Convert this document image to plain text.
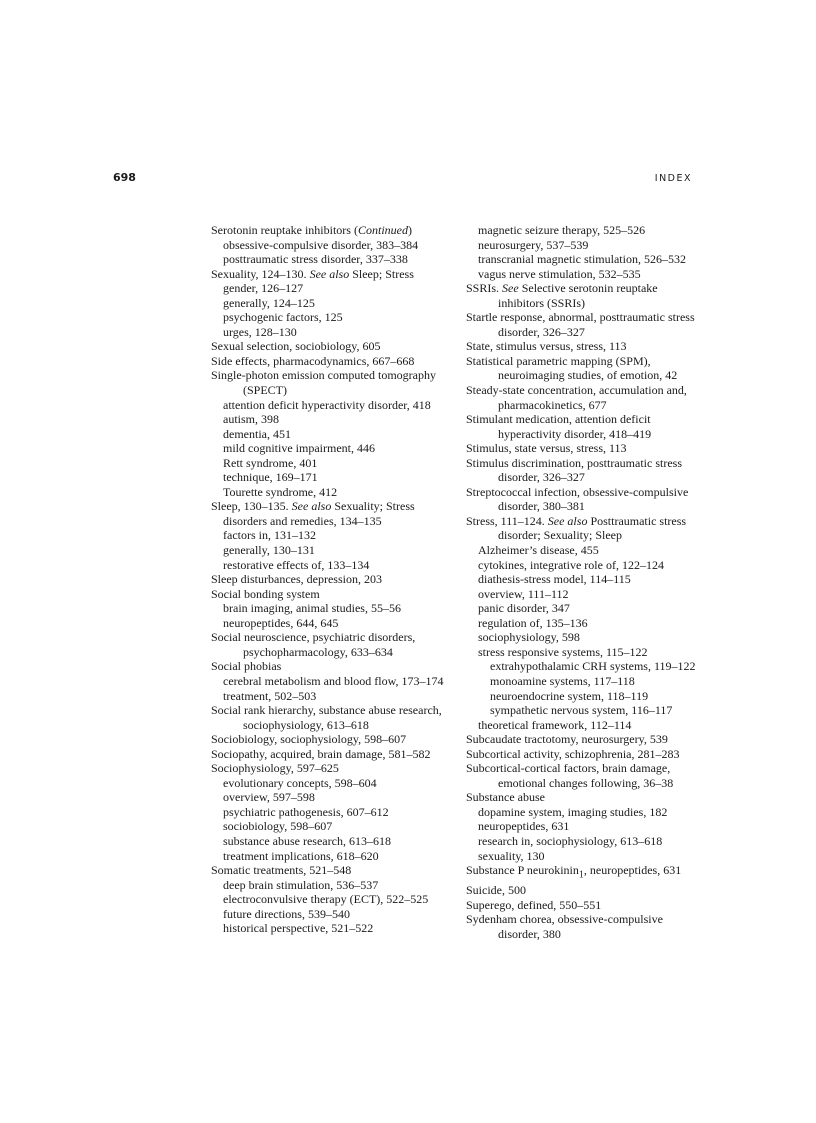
698	INDEX

Serotonin reuptake inhibitors (Continued)

obsessive-compulsive disorder, 383–384

posttraumatic stress disorder, 337–338

Sexuality, 124–130. See also Sleep; Stress

gender, 126–127

generally, 124–125

psychogenic factors, 125

urges, 128–130

Sexual selection, sociobiology, 605

Side effects, pharmacodynamics, 667–668

Single-photon emission computed tomography (SPECT)

attention deficit hyperactivity disorder, 418

autism, 398

dementia, 451

mild cognitive impairment, 446

Rett syndrome, 401

technique, 169–171

Tourette syndrome, 412

Sleep, 130–135. See also Sexuality; Stress

disorders and remedies, 134–135

factors in, 131–132

generally, 130–131

restorative effects of, 133–134

Sleep disturbances, depression, 203

Social bonding system

brain imaging, animal studies, 55–56

neuropeptides, 644, 645

Social neuroscience, psychiatric disorders, psychopharmacology, 633–634

Social phobias

cerebral metabolism and blood flow, 173–174

treatment, 502–503

Social rank hierarchy, substance abuse research, sociophysiology, 613–618

Sociobiology, sociophysiology, 598–607

Sociopathy, acquired, brain damage, 581–582

Sociophysiology, 597–625

evolutionary concepts, 598–604

overview, 597–598

psychiatric pathogenesis, 607–612

sociobiology, 598–607

substance abuse research, 613–618

treatment implications, 618–620

Somatic treatments, 521–548

deep brain stimulation, 536–537

electroconvulsive therapy (ECT), 522–525

future directions, 539–540

historical perspective, 521–522

magnetic seizure therapy, 525–526

neurosurgery, 537–539

transcranial magnetic stimulation, 526–532

vagus nerve stimulation, 532–535

SSRIs. See Selective serotonin reuptake inhibitors (SSRIs)

Startle response, abnormal, posttraumatic stress disorder, 326–327

State, stimulus versus, stress, 113

Statistical parametric mapping (SPM), neuroimaging studies, of emotion, 42

Steady-state concentration, accumulation and, pharmacokinetics, 677

Stimulant medication, attention deficit hyperactivity disorder, 418–419

Stimulus, state versus, stress, 113

Stimulus discrimination, posttraumatic stress disorder, 326–327

Streptococcal infection, obsessive-compulsive disorder, 380–381

Stress, 111–124. See also Posttraumatic stress disorder; Sexuality; Sleep

Alzheimer’s disease, 455

cytokines, integrative role of, 122–124

diathesis-stress model, 114–115

overview, 111–112

panic disorder, 347

regulation of, 135–136

sociophysiology, 598

stress responsive systems, 115–122

extrahypothalamic CRH systems, 119–122

monoamine systems, 117–118

neuroendocrine system, 118–119

sympathetic nervous system, 116–117

theoretical framework, 112–114

Subcaudate tractotomy, neurosurgery, 539

Subcortical activity, schizophrenia, 281–283

Subcortical-cortical factors, brain damage, emotional changes following, 36–38

Substance abuse

dopamine system, imaging studies, 182

neuropeptides, 631

research in, sociophysiology, 613–618

sexuality, 130

Substance P neurokinin$_1$, neuropeptides, 631

Suicide, 500

Superego, defined, 550–551

Sydenham chorea, obsessive-compulsive disorder, 380
